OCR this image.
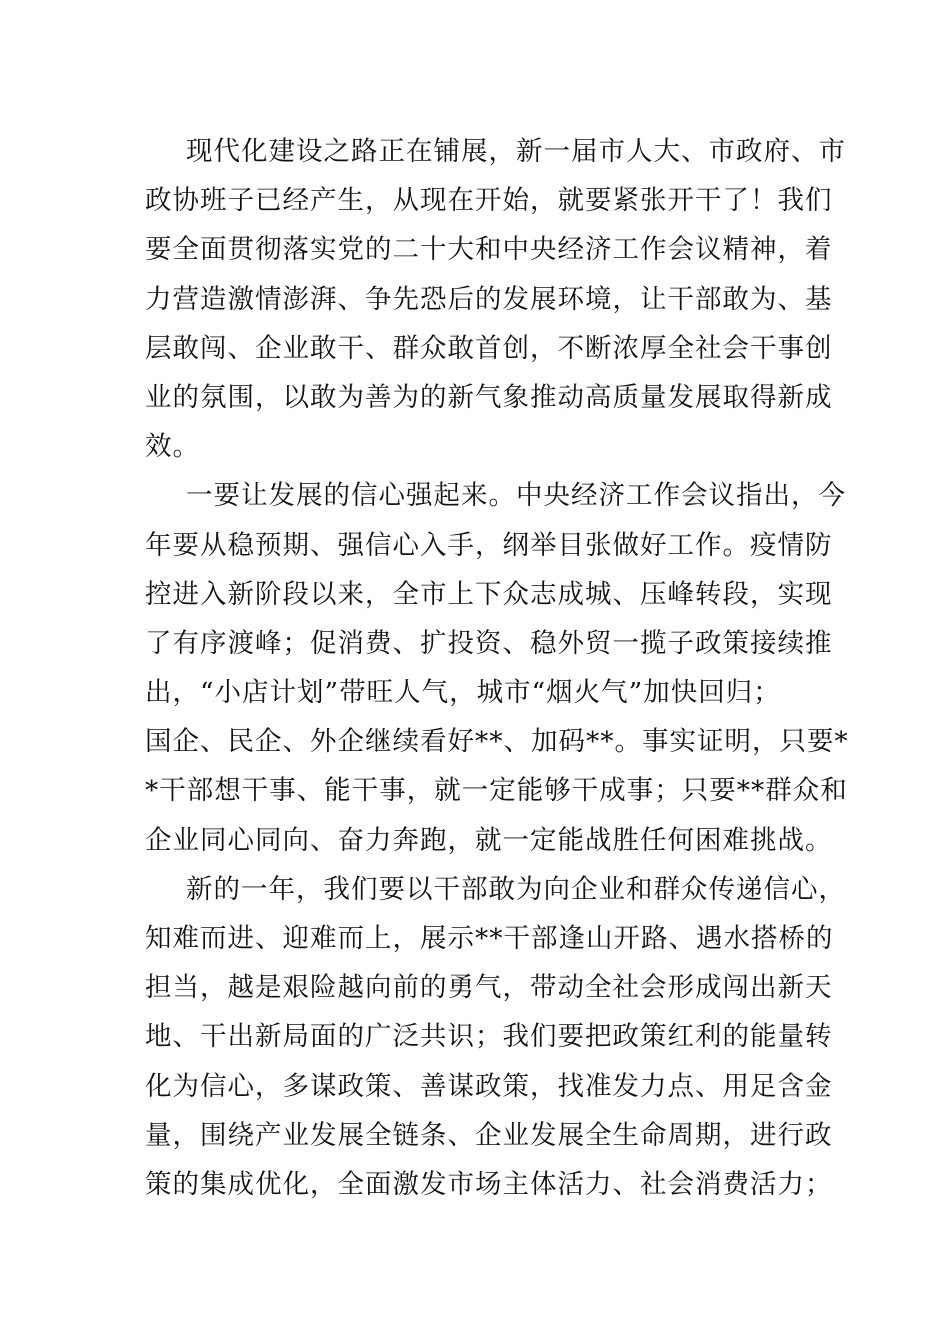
现代化建设之路正在铺展，新一届市人大、市政府、市
政协班子已经产生，从现在开始，就要紧张开干了！我们
要全面贯彻落实党的二十大和中央经济工作会议精神，着
力营造激情澎湃、争先恐后的发展环境，让干部敢为、基
层敢闯、企业敢干、群众敢首创，不断浓厚全社会干事创
业的氛围，以敢为善为的新气象推动高质量发展取得新成
效。
一要让发展的信心强起来。中央经济工作会议指出，今
年要从稳预期、强信心入手，纲举目张做好工作。疫情防
控进入新阶段以来，全市上下众志成城、压峰转段，实现
了有序渡峰；促消费、扩投资、稳外贸一揽子政策接续推
出，“小店计划”带旺人气，城市“烟火气”加快回归；
国企、民企、外企继续看好**、加码**。事实证明，只要*
*干部想干事、能干事，就一定能够干成事；只要**群众和
企业同心同向、奋力奔跑，就一定能战胜任何困难挑战。
新的一年，我们要以干部敢为向企业和群众传递信心，
知难而进、迎难而上，展示**干部逢山开路、遇水搭桥的
担当，越是艰险越向前的勇气，带动全社会形成闯出新天
地、干出新局面的广泛共识；我们要把政策红利的能量转
化为信心，多谋政策、善谋政策，找准发力点、用足含金
量，围绕产业发展全链条、企业发展全生命周期，进行政
策的集成优化，全面激发市场主体活力、社会消费活力；
